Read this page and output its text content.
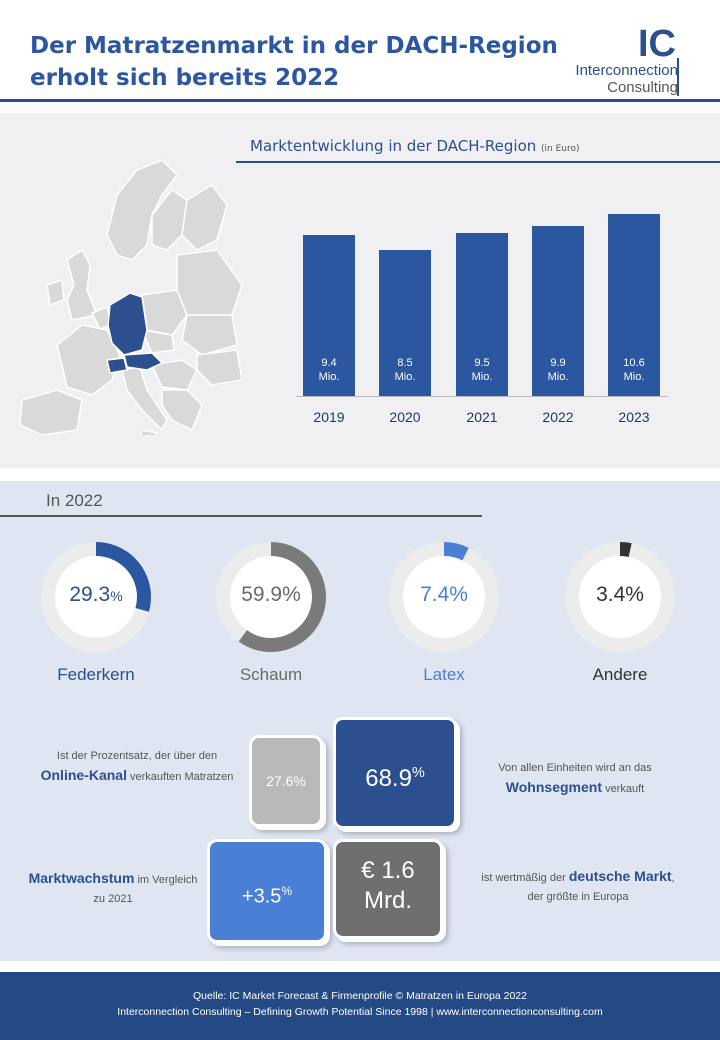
Der Matratzenmarkt in der DACH-Region
erholt sich bereits 2022
IC
Interconnection
Consulting
Marktentwicklung in der DACH-Region (in Euro)
9.4
Mio.
2019
8.5
Mio.
2020
9.5
Mio.
2021
9.9
Mio.
2022
10.6
Mio.
2023
In 2022
29.3%
Federkern
59.9%
Schaum
7.4%
Latex
3.4%
Andere
Ist der Prozentsatz, der über den
Online-Kanal verkauften Matratzen	27.6%	68.9%	Von allen Einheiten wird an das
Wohnsegment verkauft
Marktwachstum im Vergleich
zu 2021	+3.5%
€ 1.6
Mrd.
ist wertmäßig der deutsche Markt,
der größte in Europa
Quelle: IC Market Forecast & Firmenprofile © Matratzen in Europa 2022
Interconnection Consulting – Defining Growth Potential Since 1998 | www.interconnectionconsulting.com
